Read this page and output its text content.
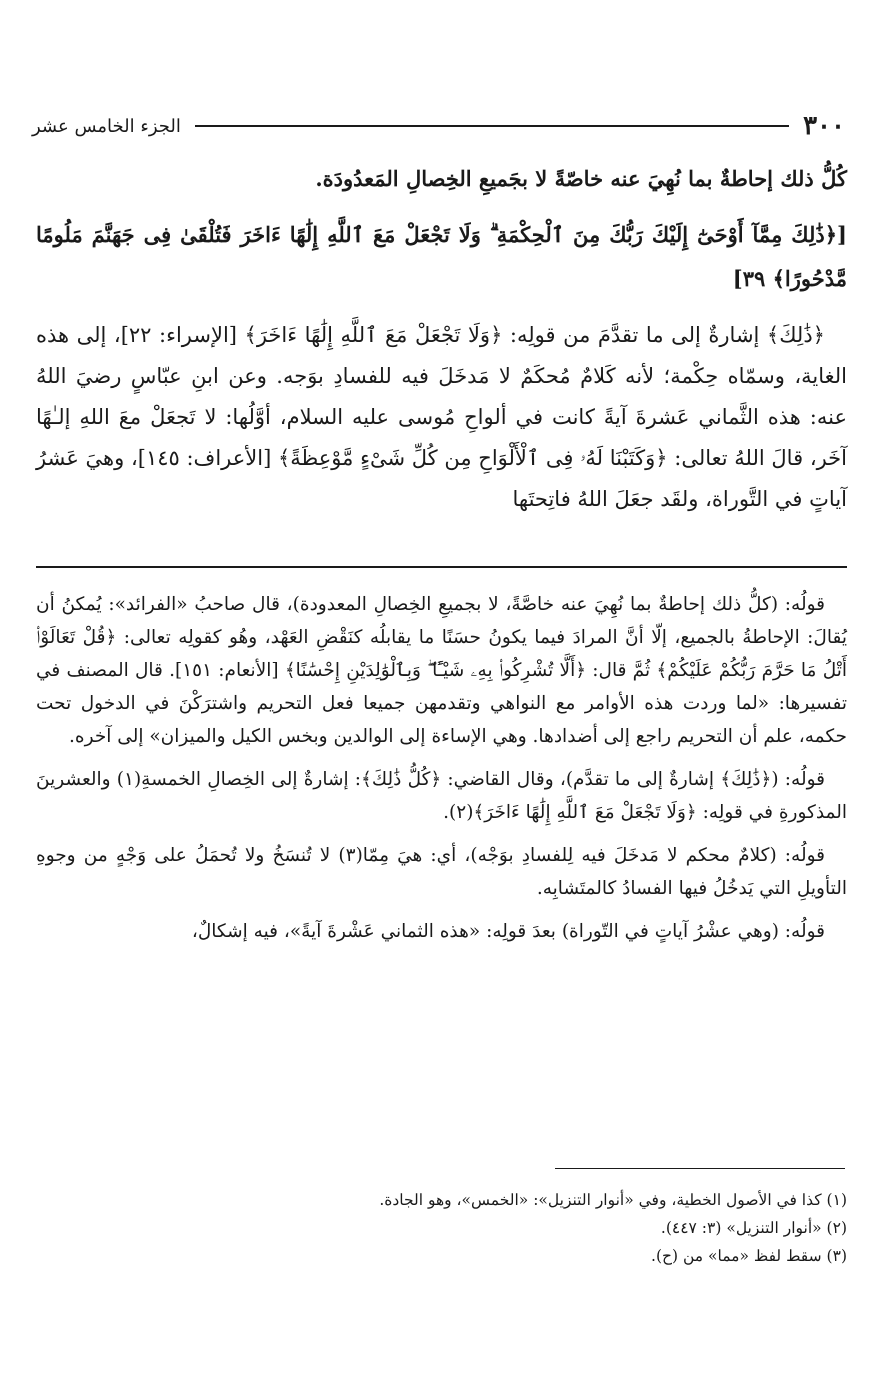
٣٠٠
الجزء الخامس عشر

كُلُّ ذلك إحاطةٌ بما نُهِيَ عنه خاصّةً لا بجَميعِ الخِصالِ المَعدُودَة.

[﴿ذَٰلِكَ مِمَّآ أَوْحَىٰٓ إِلَيْكَ رَبُّكَ مِنَ ٱلْحِكْمَةِ ۗ وَلَا تَجْعَلْ مَعَ ٱللَّهِ إِلَٰهًا ءَاخَرَ فَتُلْقَىٰ فِى جَهَنَّمَ مَلُومًا مَّدْحُورًا﴾ ٣٩]

﴿ذَٰلِكَ﴾ إشارةٌ إلى ما تقدَّمَ من قولِه: ﴿وَلَا تَجْعَلْ مَعَ ٱللَّهِ إِلَٰهًا ءَاخَرَ﴾ [الإسراء: ٢٢]، إلى هذه الغاية، وسمّاه حِكْمة؛ لأنه كَلامٌ مُحكَمٌ لا مَدخَلَ فيه للفسادِ بوَجه. وعن ابنِ عبّاسٍ رضيَ اللهُ عنه: هذه الثَّماني عَشرةَ آيةً كانت في ألواحِ مُوسى عليه السلام، أوَّلُها: لا تَجعَلْ معَ اللهِ إلـٰهًا آخَر، قالَ اللهُ تعالى: ﴿وَكَتَبْنَا لَهُۥ فِى ٱلْأَلْوَاحِ مِن كُلِّ شَىْءٍ مَّوْعِظَةً﴾ [الأعراف: ١٤٥]، وهيَ عَشرُ آياتٍ في التَّوراة، ولقَد جعَلَ اللهُ فاتِحتَها

قولُه: (كلُّ ذلك إحاطةٌ بما نُهِيَ عنه خاصَّةً، لا بجميعِ الخِصالِ المعدودة)، قال صاحبُ «الفرائد»: يُمكنُ أن يُقالَ: الإحاطةُ بالجميع، إلّا أنَّ المرادَ فيما يكونُ حسَنًا ما يقابلُه كنَقْضِ العَهْد، وهُو كقولِه تعالى: ﴿قُلْ تَعَالَوْا۟ أَتْلُ مَا حَرَّمَ رَبُّكُمْ عَلَيْكُمْ﴾ ثُمَّ قال: ﴿أَلَّا تُشْرِكُوا۟ بِهِۦ شَيْـًٔا ۖ وَبِٱلْوَٰلِدَيْنِ إِحْسَٰنًا﴾ [الأنعام: ١٥١]. قال المصنف في تفسيرها: «لما وردت هذه الأوامر مع النواهي وتقدمهن جميعا فعل التحريم واشترَكْنَ في الدخول تحت حكمه، علم أن التحريم راجع إلى أضدادها. وهي الإساءة إلى الوالدين وبخس الكيل والميزان» إلى آخره.

قولُه: (﴿ذَٰلِكَ﴾ إشارةٌ إلى ما تقدَّم)، وقال القاضي: ﴿كُلُّ ذَٰلِكَ﴾: إشارةٌ إلى الخِصالِ الخمسةِ(١) والعشرينَ المذكورةِ في قولِه: ﴿وَلَا تَجْعَلْ مَعَ ٱللَّهِ إِلَٰهًا ءَاخَرَ﴾(٢).

قولُه: (كلامٌ محكم لا مَدخَلَ فيه لِلفسادِ بوَجْه)، أي: هيَ مِمّا(٣) لا تُنسَخُ ولا تُحمَلُ على وَجْهٍ من وجوهِ التأويلِ التي يَدخُلُ فيها الفسادُ كالمتَشابِه.

قولُه: (وهي عشْرُ آياتٍ في التّوراة) بعدَ قولِه: «هذه الثماني عَشْرةَ آيةً»، فيه إشكالٌ،

(١) كذا في الأصول الخطية، وفي «أنوار التنزيل»: «الخمس»، وهو الجادة.

(٢) «أنوار التنزيل» (٣: ٤٤٧).

(٣) سقط لفظ «مما» من (ح).
